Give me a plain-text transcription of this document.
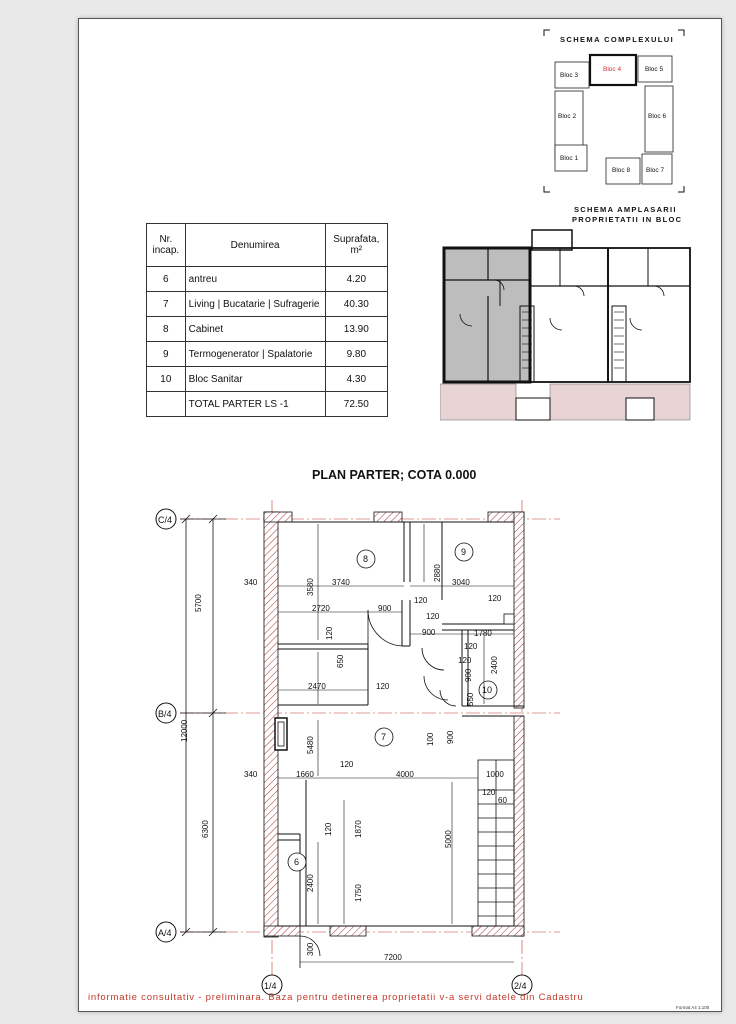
SCHEMA COMPLEXULUI
Bloc 3
Bloc 4	Bloc 5
Bloc 2	Bloc 6
Bloc 1
Bloc 8 Bloc 7
SCHEMA AMPLASARII
PROPRIETATII IN BLOC
Nr. incap.	Denumirea	Suprafata, m²
6	antreu	4.20
7	Living | Bucatarie | Sufragerie	40.30
8	Cabinet	13.90
9	Termogenerator | Spalatorie	9.80
10	Bloc Sanitar	4.30
	TOTAL PARTER LS -1	72.50
PLAN PARTER; COTA 0.000
C/4
B/4
A/4
1/4	2/4
8
9
7
10
6
5700
12000
6300
340	3580 3740
2880
3040
2720	900
120	120
120
120	900	1780
120
650	2400
900
120
2470	120
550
5480	100 900
340	1660
120
4000	1000
120
60
120	1870
5000
2400
1750
300
7200
informatie consultativ - preliminara. Baza pentru detinerea proprietatii v-a servi datele din Cadastru
Format A4 1:100
